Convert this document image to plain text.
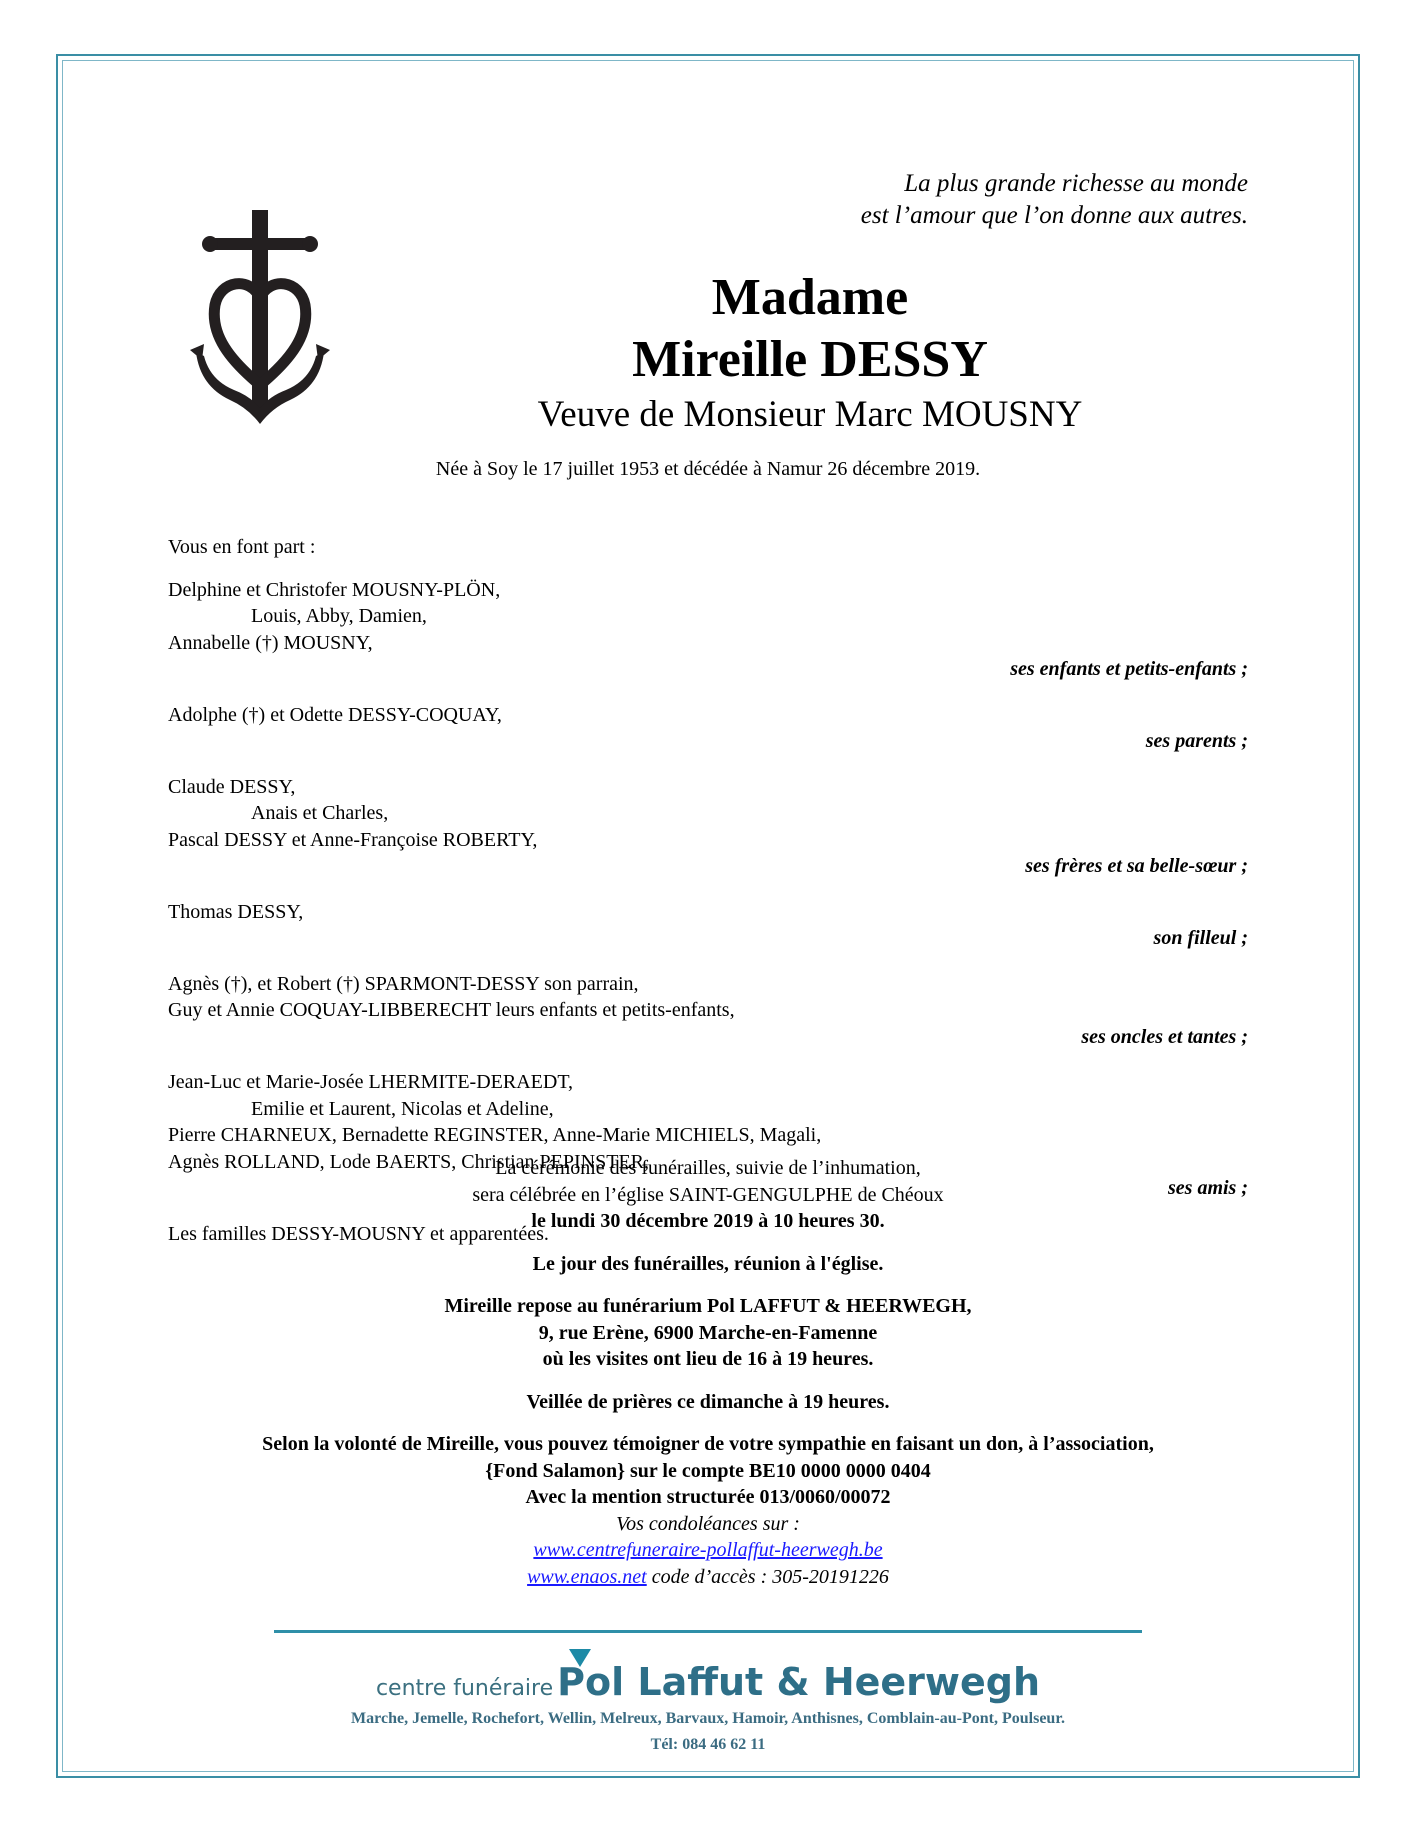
La plus grande richesse au monde
est l’amour que l’on donne aux autres.
Madame
Mireille DESSY
Veuve de Monsieur Marc MOUSNY
Née à Soy le 17 juillet 1953 et décédée à Namur 26 décembre 2019.
Vous en font part :
Delphine et Christofer MOUSNY-PLÖN,
Louis, Abby, Damien,
Annabelle (†) MOUSNY,
ses enfants et petits-enfants ;
Adolphe (†) et Odette DESSY-COQUAY,
ses parents ;
Claude DESSY,
Anais et Charles,
Pascal DESSY et Anne-Françoise ROBERTY,
ses frères et sa belle-sœur ;
Thomas DESSY,
son filleul ;
Agnès (†), et Robert (†) SPARMONT-DESSY son parrain,
Guy et Annie COQUAY-LIBBERECHT leurs enfants et petits-enfants,
ses oncles et tantes ;
Jean-Luc et Marie-Josée LHERMITE-DERAEDT,
Emilie et Laurent, Nicolas et Adeline,
Pierre CHARNEUX, Bernadette REGINSTER, Anne-Marie MICHIELS, Magali,
Agnès ROLLAND, Lode BAERTS, Christian PEPINSTER,
ses amis ;
Les familles DESSY-MOUSNY et apparentées.
La cérémonie des funérailles, suivie de l’inhumation,
sera célébrée en l’église SAINT-GENGULPHE de Chéoux
le lundi 30 décembre 2019 à 10 heures 30.
Le jour des funérailles, réunion à l'église.
Mireille repose au funérarium Pol LAFFUT & HEERWEGH,
9, rue Erène, 6900 Marche-en-Famenne
où les visites ont lieu de 16 à 19 heures.
Veillée de prières ce dimanche à 19 heures.
Selon la volonté de Mireille, vous pouvez témoigner de votre sympathie en faisant un don, à l’association,
{Fond Salamon} sur le compte BE10 0000 0000 0404
Avec la mention structurée 013/0060/00072
Vos condoléances sur :
www.centrefuneraire-pollaffut-heerwegh.be
www.enaos.net code d’accès : 305-20191226
centre funéraire Pol Laffut & Heerwegh
Marche, Jemelle, Rochefort, Wellin, Melreux, Barvaux, Hamoir, Anthisnes, Comblain-au-Pont, Poulseur.
Tél: 084 46 62 11
